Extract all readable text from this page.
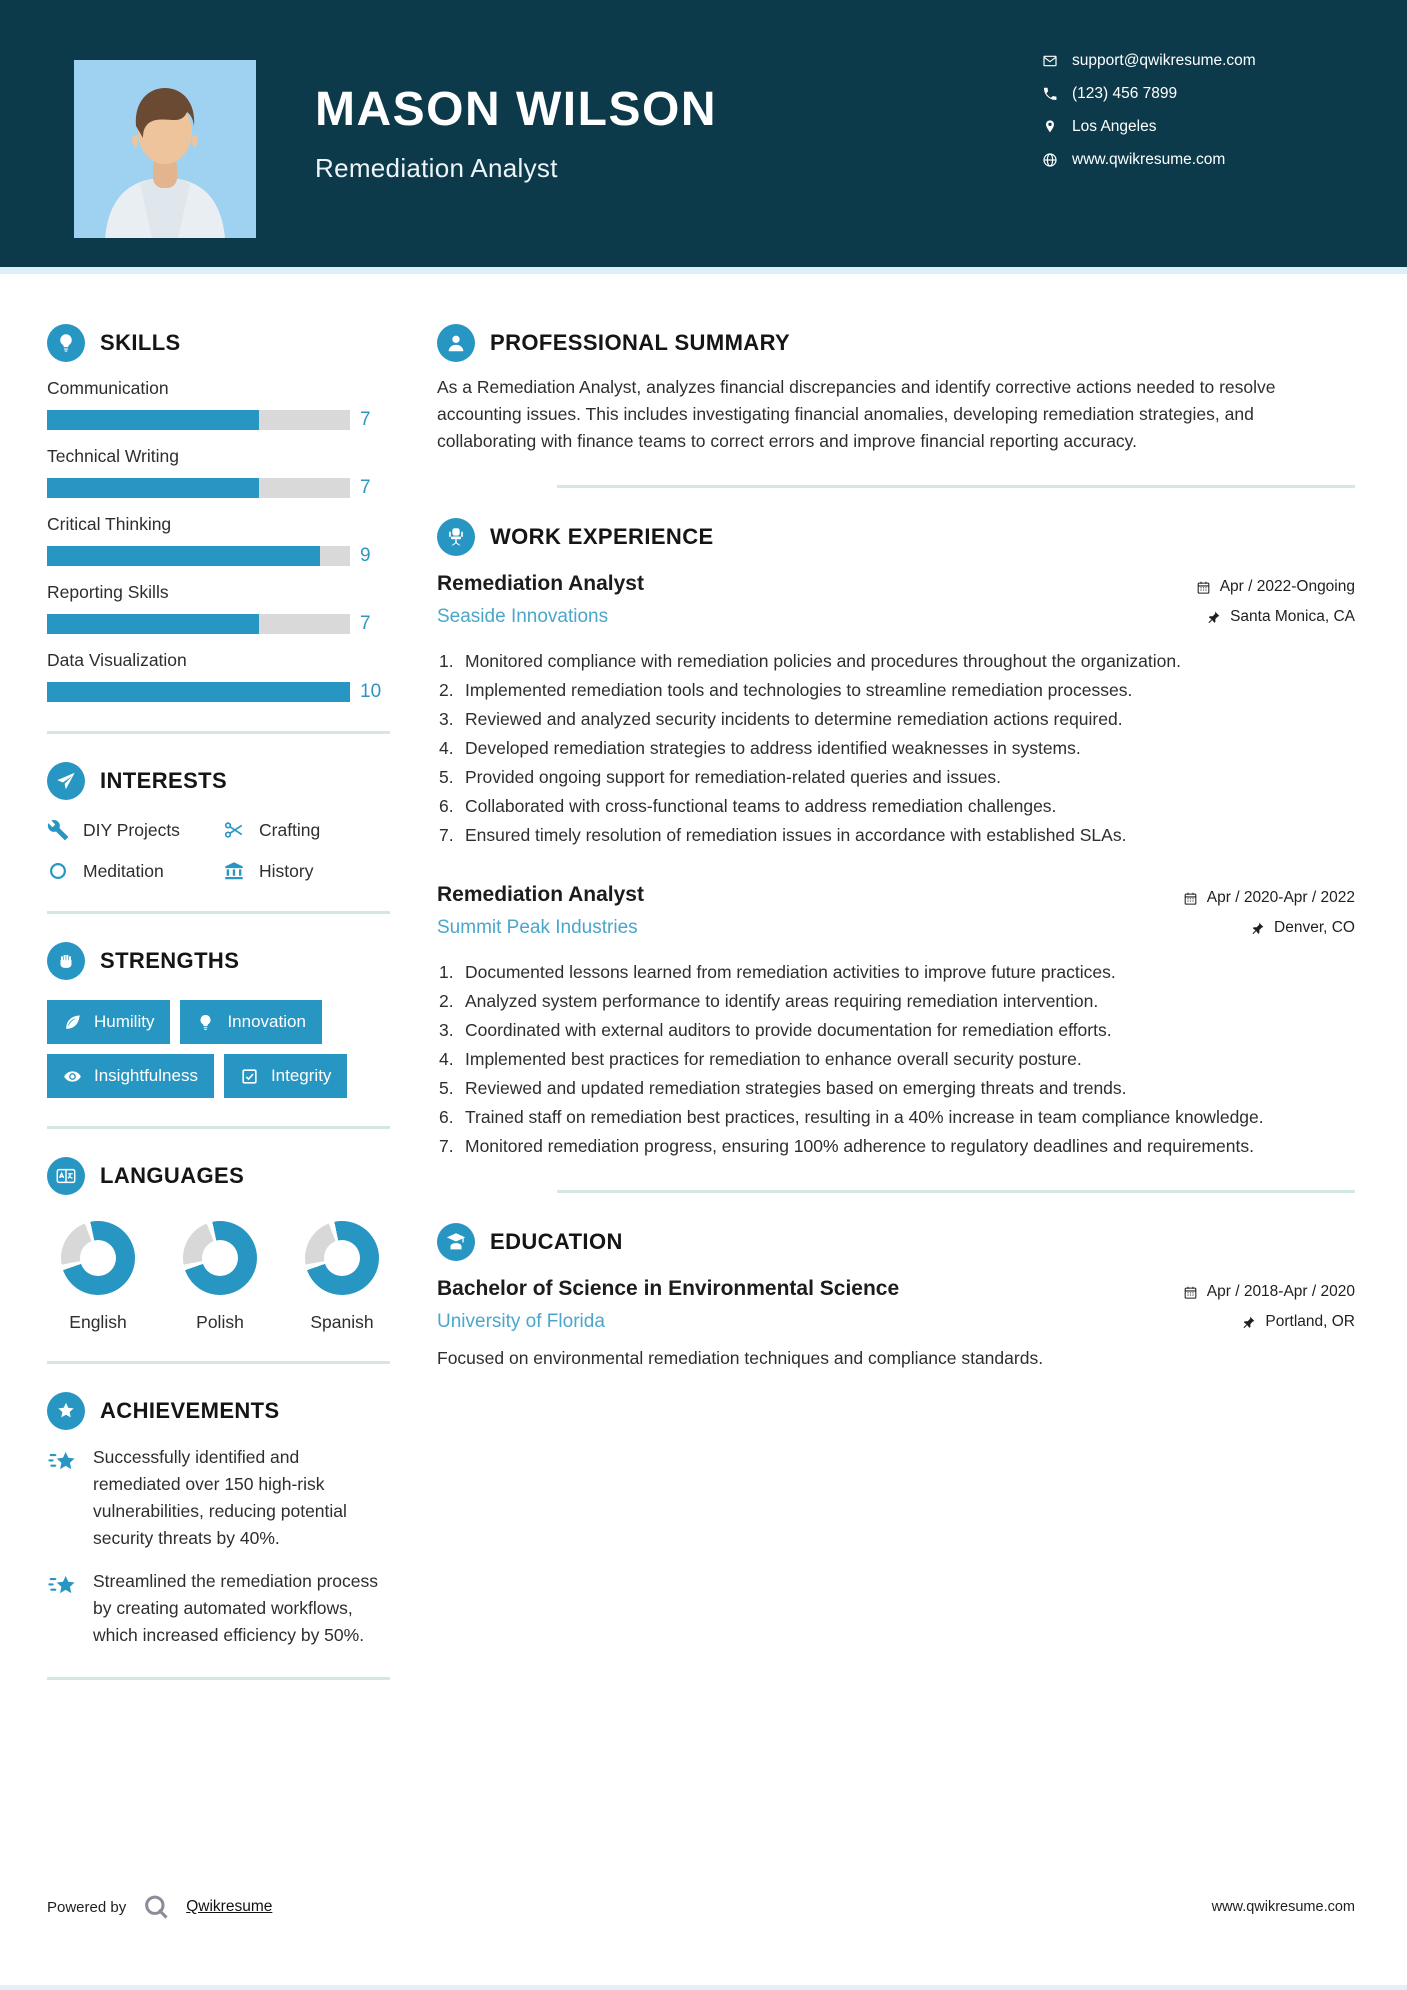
MASON WILSON
Remediation Analyst
support@qwikresume.com
(123) 456 7899
Los Angeles
www.qwikresume.com
SKILLS
Communication
7
Technical Writing
7
Critical Thinking
9
Reporting Skills
7
Data Visualization
10
INTERESTS
DIY Projects	Crafting
Meditation	History
STRENGTHS
Humility	Innovation
Insightfulness	Integrity
LANGUAGES
English	Polish	Spanish
ACHIEVEMENTS
Successfully identified and remediated over 150 high-risk vulnerabilities, reducing potential security threats by 40%.
Streamlined the remediation process by creating automated workflows, which increased efficiency by 50%.
PROFESSIONAL SUMMARY

As a Remediation Analyst, analyzes financial discrepancies and identify corrective actions needed to resolve accounting issues. This includes investigating financial anomalies, developing remediation strategies, and collaborating with finance teams to correct errors and improve financial reporting accuracy.

WORK EXPERIENCE
Remediation Analyst
Seaside Innovations
Apr / 2022-Ongoing
Santa Monica, CA
Monitored compliance with remediation policies and procedures throughout the organization.
Implemented remediation tools and technologies to streamline remediation processes.
Reviewed and analyzed security incidents to determine remediation actions required.
Developed remediation strategies to address identified weaknesses in systems.
Provided ongoing support for remediation-related queries and issues.
Collaborated with cross-functional teams to address remediation challenges.
Ensured timely resolution of remediation issues in accordance with established SLAs.
Remediation Analyst
Summit Peak Industries
Apr / 2020-Apr / 2022
Denver, CO
Documented lessons learned from remediation activities to improve future practices.
Analyzed system performance to identify areas requiring remediation intervention.
Coordinated with external auditors to provide documentation for remediation efforts.
Implemented best practices for remediation to enhance overall security posture.
Reviewed and updated remediation strategies based on emerging threats and trends.
Trained staff on remediation best practices, resulting in a 40% increase in team compliance knowledge.
Monitored remediation progress, ensuring 100% adherence to regulatory deadlines and requirements.
EDUCATION
Bachelor of Science in Environmental Science
University of Florida
Apr / 2018-Apr / 2020
Portland, OR

Focused on environmental remediation techniques and compliance standards.

Powered by	Qwikresume	www.qwikresume.com
